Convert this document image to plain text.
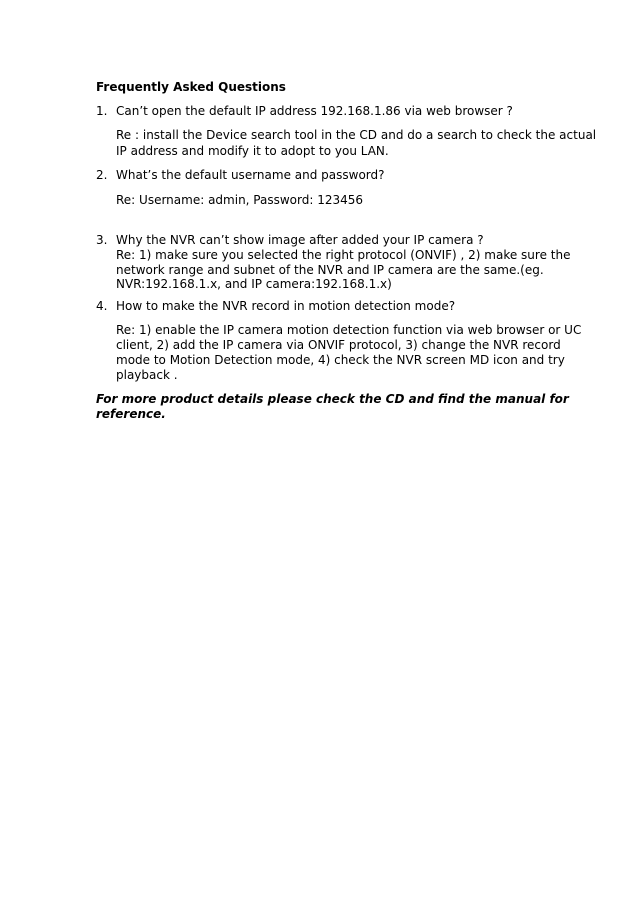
Frequently Asked Questions
1. Can’t open the default IP address 192.168.1.86 via web browser ?
Re : install the Device search tool in the CD and do a search to check the actual
IP address and modify it to adopt to you LAN.
2. What’s the default username and password?
Re: Username: admin, Password: 123456
3. Why the NVR can’t show image after added your IP camera ?
Re: 1) make sure you selected the right protocol (ONVIF) , 2) make sure the
network range and subnet of the NVR and IP camera are the same.(eg.
NVR:192.168.1.x, and IP camera:192.168.1.x)
4. How to make the NVR record in motion detection mode?
Re: 1) enable the IP camera motion detection function via web browser or UC
client, 2) add the IP camera via ONVIF protocol, 3) change the NVR record
mode to Motion Detection mode, 4) check the NVR screen MD icon and try
playback .
For more product details please check the CD and find the manual for
reference.
